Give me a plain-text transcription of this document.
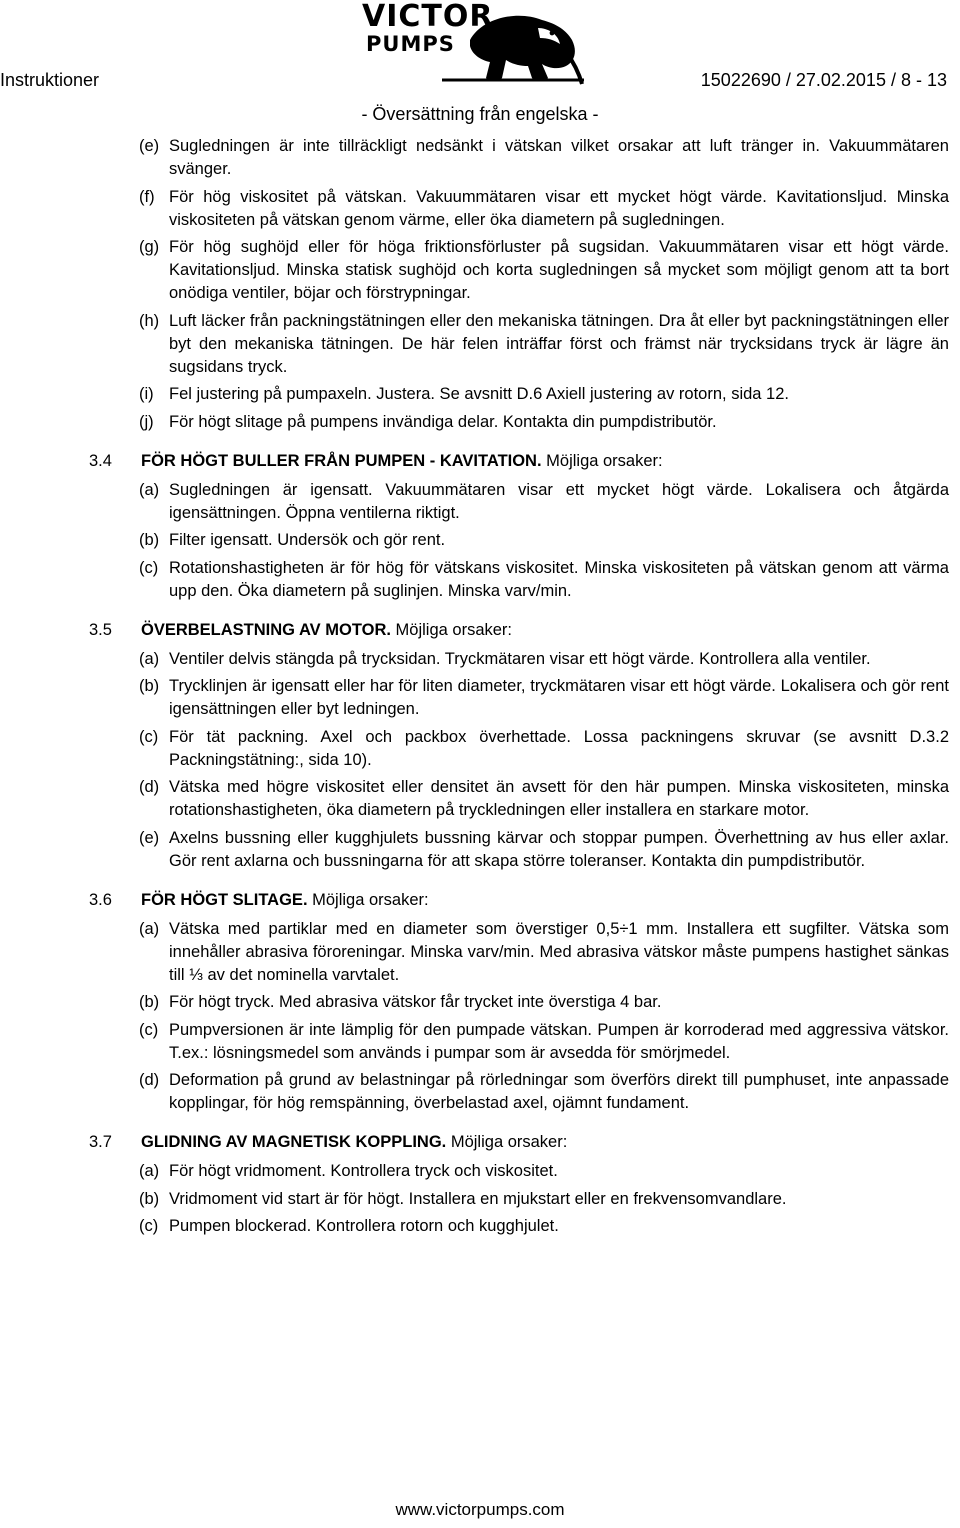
Instruktioner	15022690 / 27.02.2015 / 8 - 13
VICTOR
PUMPS
- Översättning från engelska -
(e) Sugledningen är inte tillräckligt nedsänkt i vätskan vilket orsakar att luft tränger in. Vakuummätaren svänger.
(f) För hög viskositet på vätskan. Vakuummätaren visar ett mycket högt värde. Kavitationsljud. Minska viskositeten på vätskan genom värme, eller öka diametern på sugledningen.
(g) För hög sughöjd eller för höga friktionsförluster på sugsidan. Vakuummätaren visar ett högt värde. Kavitationsljud. Minska statisk sughöjd och korta sugledningen så mycket som möjligt genom att ta bort onödiga ventiler, böjar och förstrypningar.
(h) Luft läcker från packningstätningen eller den mekaniska tätningen. Dra åt eller byt packningstätningen eller byt den mekaniska tätningen. De här felen inträffar först och främst när trycksidans tryck är lägre än sugsidans tryck.
(i) Fel justering på pumpaxeln. Justera. Se avsnitt D.6 Axiell justering av rotorn, sida 12.
(j) För högt slitage på pumpens invändiga delar. Kontakta din pumpdistributör.
3.4 FÖR HÖGT BULLER FRÅN PUMPEN - KAVITATION. Möjliga orsaker:
(a) Sugledningen är igensatt. Vakuummätaren visar ett mycket högt värde. Lokalisera och åtgärda igensättningen. Öppna ventilerna riktigt.
(b) Filter igensatt. Undersök och gör rent.
(c) Rotationshastigheten är för hög för vätskans viskositet. Minska viskositeten på vätskan genom att värma upp den. Öka diametern på suglinjen. Minska varv/min.
3.5 ÖVERBELASTNING AV MOTOR. Möjliga orsaker:
(a) Ventiler delvis stängda på trycksidan. Tryckmätaren visar ett högt värde. Kontrollera alla ventiler.
(b) Trycklinjen är igensatt eller har för liten diameter, tryckmätaren visar ett högt värde. Lokalisera och gör rent igensättningen eller byt ledningen.
(c) För tät packning. Axel och packbox överhettade. Lossa packningens skruvar (se avsnitt D.3.2 Packningstätning:, sida 10).
(d) Vätska med högre viskositet eller densitet än avsett för den här pumpen. Minska viskositeten, minska rotationshastigheten, öka diametern på tryckledningen eller installera en starkare motor.
(e) Axelns bussning eller kugghjulets bussning kärvar och stoppar pumpen. Överhettning av hus eller axlar. Gör rent axlarna och bussningarna för att skapa större toleranser. Kontakta din pumpdistributör.
3.6 FÖR HÖGT SLITAGE. Möjliga orsaker:
(a) Vätska med partiklar med en diameter som överstiger 0,5÷1 mm. Installera ett sugfilter. Vätska som innehåller abrasiva föroreningar. Minska varv/min. Med abrasiva vätskor måste pumpens hastighet sänkas till ⅓ av det nominella varvtalet.
(b) För högt tryck. Med abrasiva vätskor får trycket inte överstiga 4 bar.
(c) Pumpversionen är inte lämplig för den pumpade vätskan. Pumpen är korroderad med aggressiva vätskor. T.ex.: lösningsmedel som används i pumpar som är avsedda för smörjmedel.
(d) Deformation på grund av belastningar på rörledningar som överförs direkt till pumphuset, inte anpassade kopplingar, för hög remspänning, överbelastad axel, ojämnt fundament.
3.7 GLIDNING AV MAGNETISK KOPPLING. Möjliga orsaker:
(a) För högt vridmoment. Kontrollera tryck och viskositet.
(b) Vridmoment vid start är för högt. Installera en mjukstart eller en frekvensomvandlare.
(c) Pumpen blockerad. Kontrollera rotorn och kugghjulet.
www.victorpumps.com
